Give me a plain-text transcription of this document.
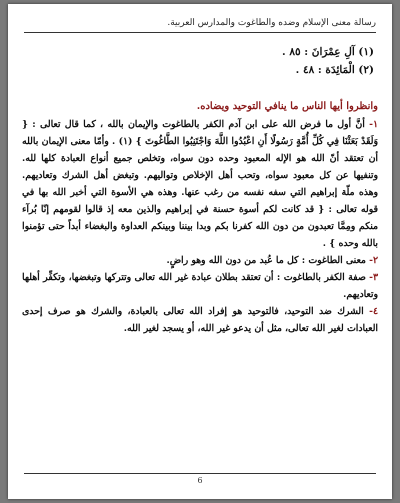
رسالة معنى الإسلام وضده والطاغوت والمدارس العربية.
(١) آلِ عِمْرَانَ : ٨٥ .
(٢) الْمَائِدَة : ٤٨ .

وانظروا أيها الناس ما ينافي التوحيد ويضاده.

١- أنَّ أول ما فرض الله على ابن آدم الكفر بالطاغوت والإيمان بالله ، كما قال تعالى : { وَلَقَدْ بَعَثْنَا فِي كُلِّ أُمَّةٍ رَسُولًا أَنِ اعْبُدُوا اللَّهَ وَاجْتَنِبُوا الطَّاغُوتَ } (١) . وأمّا معنى الإيمان بالله أن تعتقد أنّ الله هو الإله المعبود وحده دون سواه، وتخلص جميع أنواع العبادة كلها لله. وتنفيها عن كل معبود سواه، وتحب أهل الإخلاص وتواليهم. وتبغض أهل الشرك وتعاديهم. وهذه ملّة إبراهيم التي سفه نفسه من رغب عنها. وهذه هي الأسوة التي أخبر الله بها في قوله تعالى : { قد كانت لكم أسوة حسنة في إبراهيم والذين معه إذ قالوا لقومهم إنّا بُرآء منكم ومِمَّا تعبدون من دون الله كفرنا بكم وبدا بيننا وبينكم العداوة والبغضاء أبداً حتى تؤمنوا بالله وحده } .

٢- معنى الطاغوت : كل ما عُبد من دون الله وهو راضٍ.

٣- صفة الكفر بالطاغوت : أن تعتقد بطلان عبادة غير الله تعالى وتتركها وتبغضها، وتكفِّر أهلها وتعاديهم.

٤- الشرك ضد التوحيد، فالتوحيد هو إفراد الله تعالى بالعبادة، والشرك هو صرف إحدى العبادات لغير الله تعالى، مثل أن يدعو غير الله، أو يسجد لغير الله.

6
